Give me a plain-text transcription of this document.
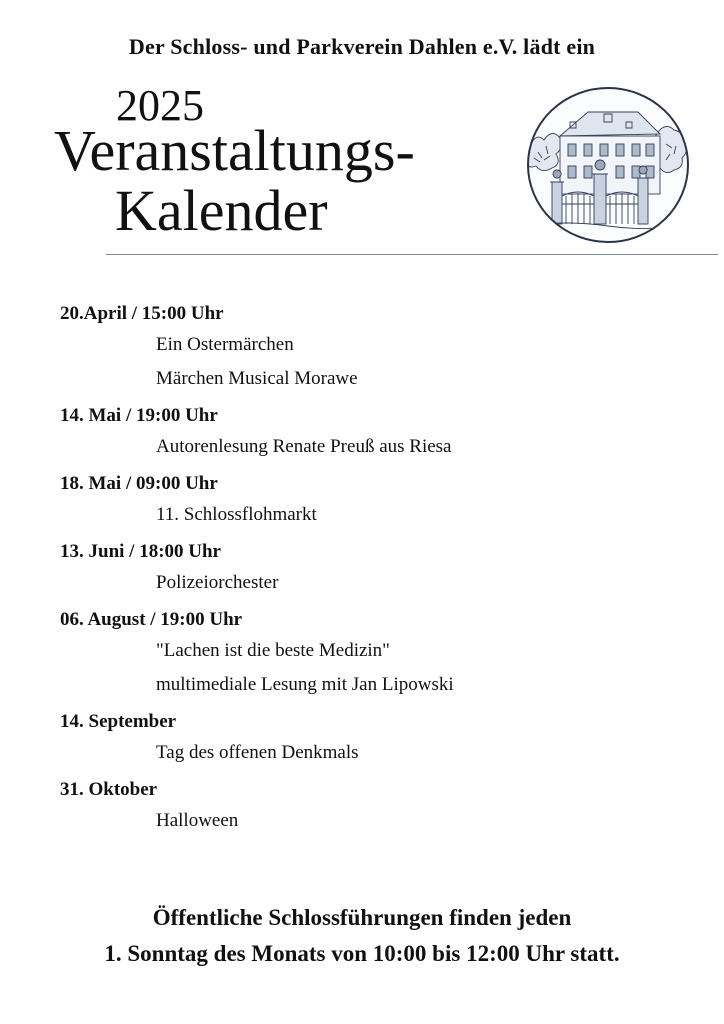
Der Schloss- und Parkverein Dahlen e.V. lädt ein
2025
Veranstaltungs-
Kalender
20.April / 15:00 Uhr
Ein Ostermärchen
Märchen Musical Morawe
14. Mai / 19:00 Uhr
Autorenlesung Renate Preuß aus Riesa
18. Mai / 09:00 Uhr
11. Schlossflohmarkt
13. Juni / 18:00 Uhr
Polizeiorchester
06. August / 19:00 Uhr
"Lachen ist die beste Medizin"
multimediale Lesung mit Jan Lipowski
14. September
Tag des offenen Denkmals
31. Oktober
Halloween
Öffentliche Schlossführungen finden jeden
1. Sonntag des Monats von 10:00 bis 12:00 Uhr statt.
